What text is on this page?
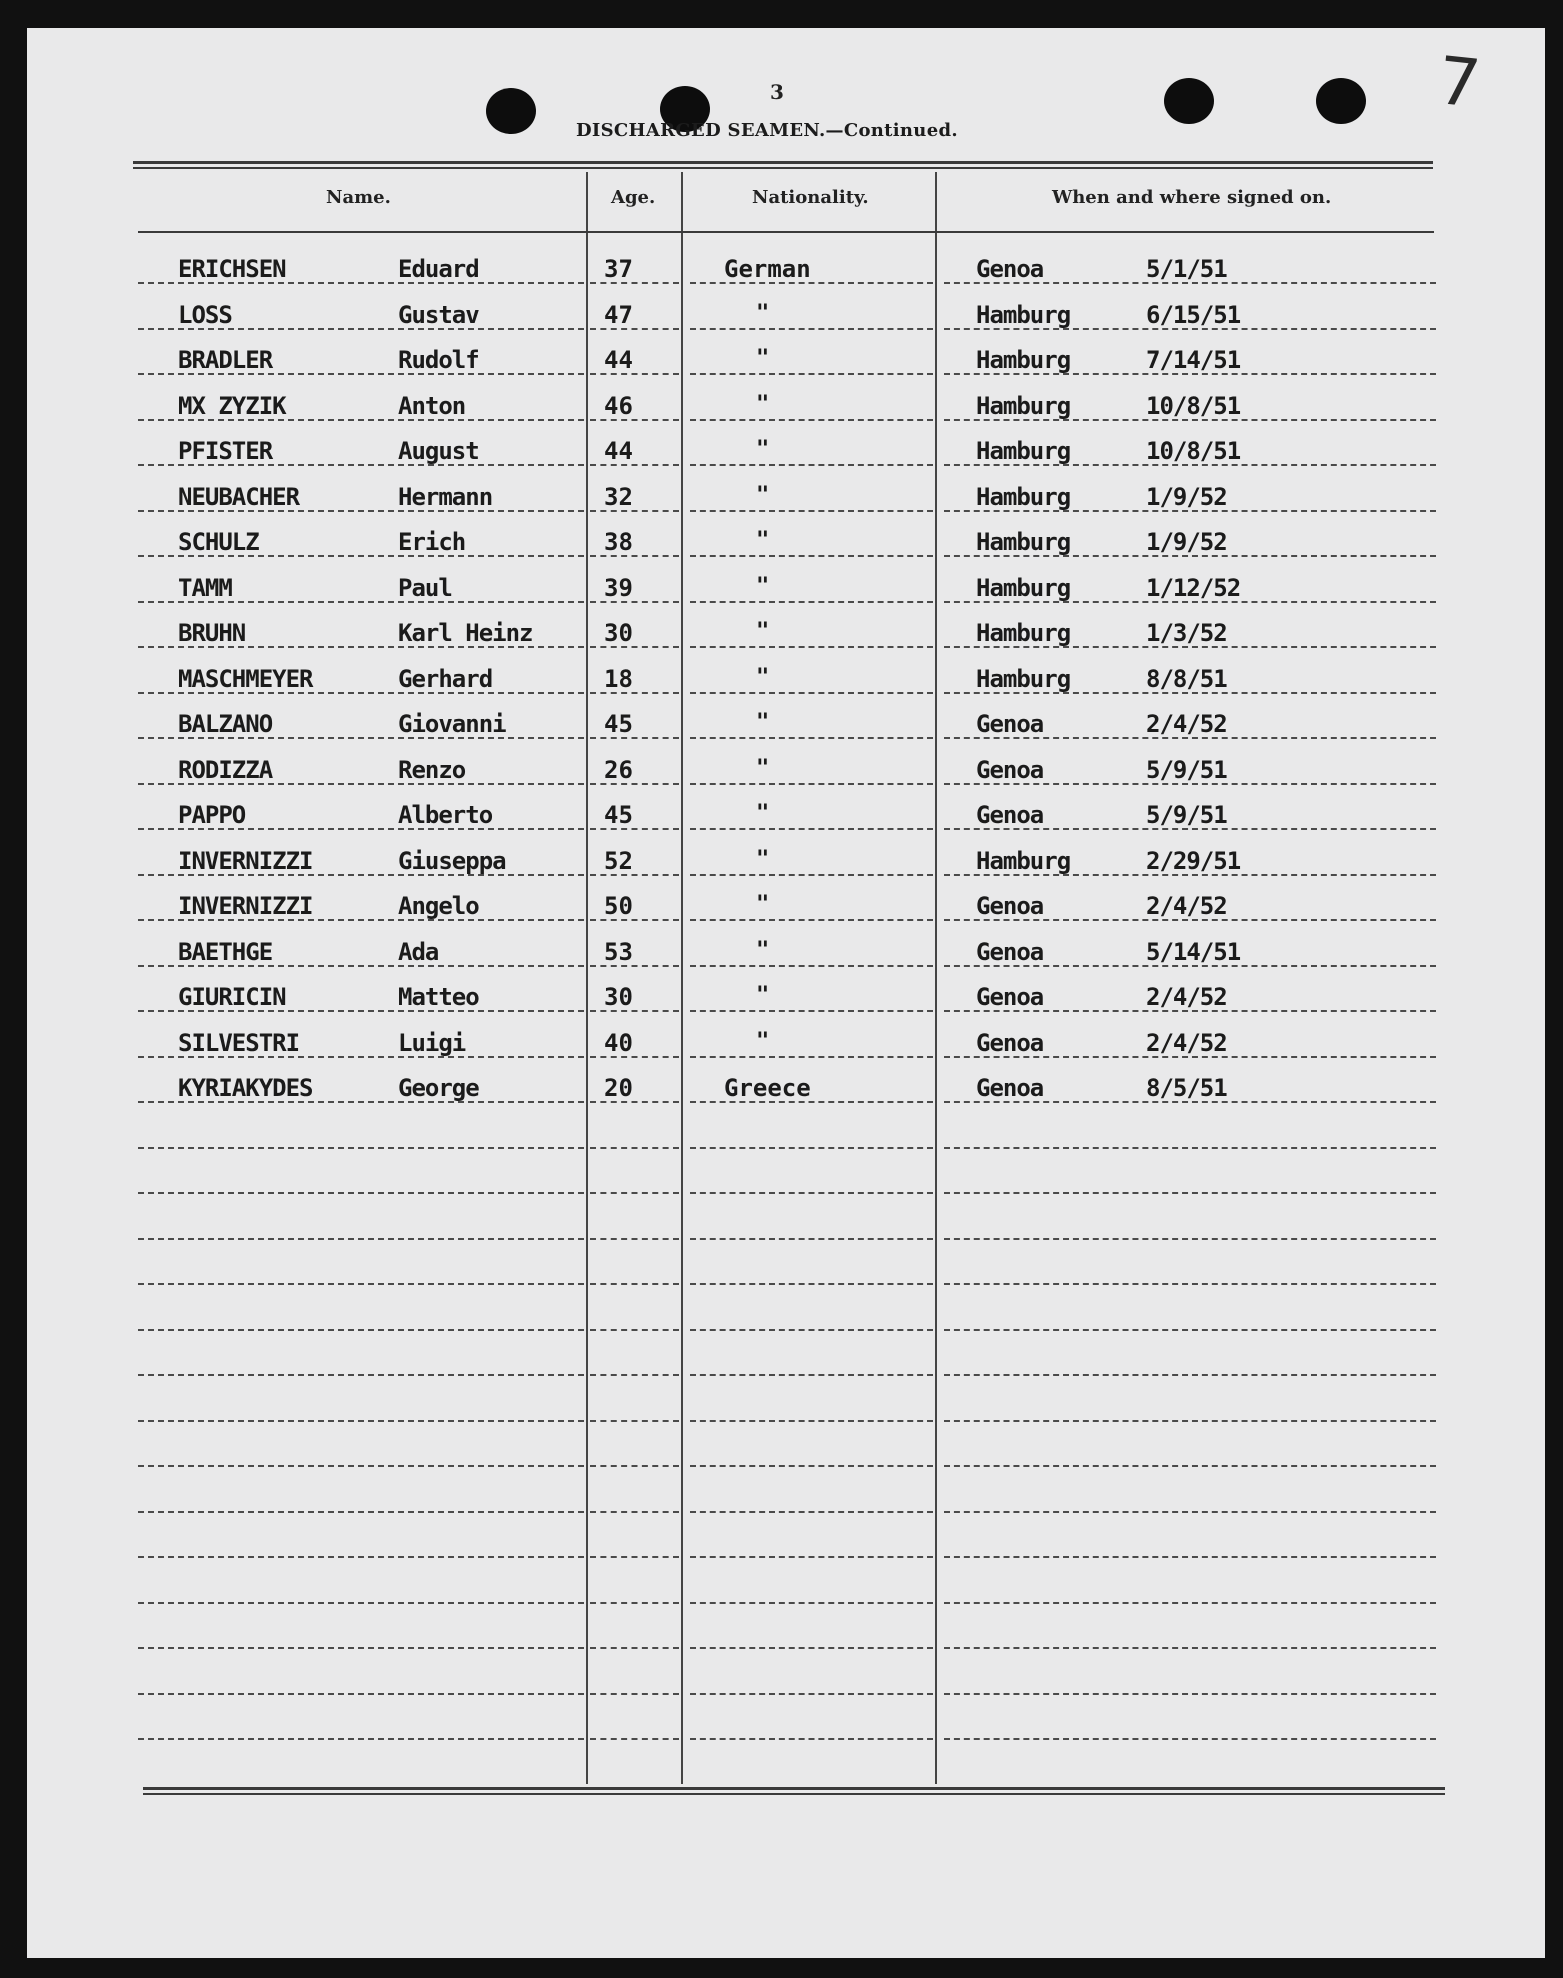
3
DISCHARGED SEAMEN.—Continued.
7
Name.	Age.	Nationality.	When and where signed on.
ERICHSEN	Eduard	37	German	Genoa	5/1/51
LOSS	Gustav	47	"	Hamburg	6/15/51
BRADLER	Rudolf	44	"	Hamburg	7/14/51
MX ZYZIK	Anton	46	"	Hamburg	10/8/51
PFISTER	August	44	"	Hamburg	10/8/51
NEUBACHER	Hermann	32	"	Hamburg	1/9/52
SCHULZ	Erich	38	"	Hamburg	1/9/52
TAMM	Paul	39	"	Hamburg	1/12/52
BRUHN	Karl Heinz	30	"	Hamburg	1/3/52
MASCHMEYER	Gerhard	18	"	Hamburg	8/8/51
BALZANO	Giovanni	45	"	Genoa	2/4/52
RODIZZA	Renzo	26	"	Genoa	5/9/51
PAPPO	Alberto	45	"	Genoa	5/9/51
INVERNIZZI	Giuseppa	52	"	Hamburg	2/29/51
INVERNIZZI	Angelo	50	"	Genoa	2/4/52
BAETHGE	Ada	53	"	Genoa	5/14/51
GIURICIN	Matteo	30	"	Genoa	2/4/52
SILVESTRI	Luigi	40	"	Genoa	2/4/52
KYRIAKYDES	George	20	Greece	Genoa	8/5/51
